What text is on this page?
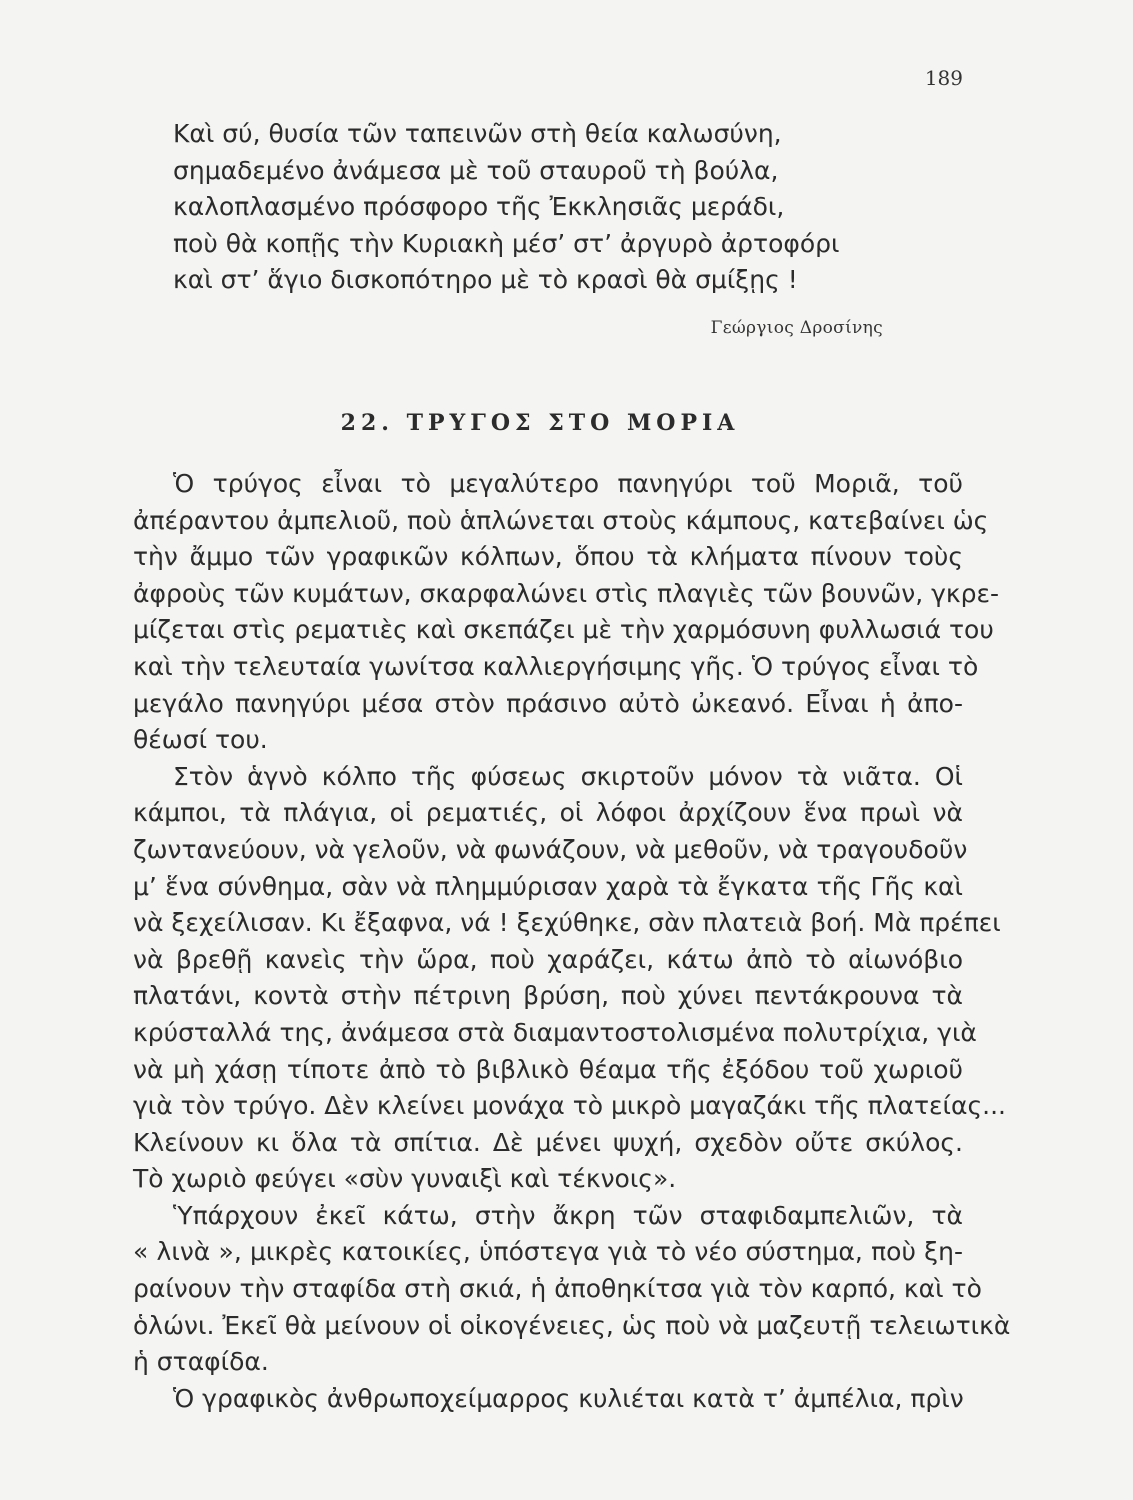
189
Καὶ σύ, θυσία τῶν ταπεινῶν στὴ θεία καλωσύνη,
σημαδεμένο ἀνάμεσα μὲ τοῦ σταυροῦ τὴ βούλα,
καλοπλασμένο πρόσφορο τῆς Ἐκκλησιᾶς μεράδι,
ποὺ θὰ κοπῇς τὴν Κυριακὴ μέσ’ στ’ ἀργυρὸ ἀρτοφόρι
καὶ στ’ ἅγιο δισκοπότηρο μὲ τὸ κρασὶ θὰ σμίξῃς !
Γεώργιος Δροσίνης
22. ΤΡΥΓΟΣ ΣΤΟ ΜΟΡΙΑ
Ὁ τρύγος εἶναι τὸ μεγαλύτερο πανηγύρι τοῦ Μοριᾶ, τοῦ
ἀπέραντου ἀμπελιοῦ, ποὺ ἁπλώνεται στοὺς κάμπους, κατεβαίνει ὡς
τὴν ἄμμο τῶν γραφικῶν κόλπων, ὅπου τὰ κλήματα πίνουν τοὺς
ἀφροὺς τῶν κυμάτων, σκαρφαλώνει στὶς πλαγιὲς τῶν βουνῶν, γκρε-
μίζεται στὶς ρεματιὲς καὶ σκεπάζει μὲ τὴν χαρμόσυνη φυλλωσιά του
καὶ τὴν τελευταία γωνίτσα καλλιεργήσιμης γῆς. Ὁ τρύγος εἶναι τὸ
μεγάλο πανηγύρι μέσα στὸν πράσινο αὐτὸ ὠκεανό. Εἶναι ἡ ἀπο-
θέωσί του.
Στὸν ἁγνὸ κόλπο τῆς φύσεως σκιρτοῦν μόνον τὰ νιᾶτα. Οἱ
κάμποι, τὰ πλάγια, οἱ ρεματιές, οἱ λόφοι ἀρχίζουν ἕνα πρωὶ νὰ
ζωντανεύουν, νὰ γελοῦν, νὰ φωνάζουν, νὰ μεθοῦν, νὰ τραγουδοῦν
μ’ ἕνα σύνθημα, σὰν νὰ πλημμύρισαν χαρὰ τὰ ἔγκατα τῆς Γῆς καὶ
νὰ ξεχείλισαν. Κι ἔξαφνα, νά ! ξεχύθηκε, σὰν πλατειὰ βοή. Μὰ πρέπει
νὰ βρεθῇ κανεὶς τὴν ὥρα, ποὺ χαράζει, κάτω ἀπὸ τὸ αἰωνόβιο
πλατάνι, κοντὰ στὴν πέτρινη βρύση, ποὺ χύνει πεντάκρουνα τὰ
κρύσταλλά της, ἀνάμεσα στὰ διαμαντοστολισμένα πολυτρίχια, γιὰ
νὰ μὴ χάσῃ τίποτε ἀπὸ τὸ βιβλικὸ θέαμα τῆς ἐξόδου τοῦ χωριοῦ
γιὰ τὸν τρύγο. Δὲν κλείνει μονάχα τὸ μικρὸ μαγαζάκι τῆς πλατείας...
Κλείνουν κι ὅλα τὰ σπίτια. Δὲ μένει ψυχή, σχεδὸν οὔτε σκύλος.
Τὸ χωριὸ φεύγει «σὺν γυναιξὶ καὶ τέκνοις».
Ὑπάρχουν ἐκεῖ κάτω, στὴν ἄκρη τῶν σταφιδαμπελιῶν, τὰ
« λινὰ », μικρὲς κατοικίες, ὑπόστεγα γιὰ τὸ νέο σύστημα, ποὺ ξη-
ραίνουν τὴν σταφίδα στὴ σκιά, ἡ ἀποθηκίτσα γιὰ τὸν καρπό, καὶ τὸ
ὁλώνι. Ἐκεῖ θὰ μείνουν οἱ οἰκογένειες, ὡς ποὺ νὰ μαζευτῇ τελειωτικὰ
ἡ σταφίδα.
Ὁ γραφικὸς ἀνθρωποχείμαρρος κυλιέται κατὰ τ’ ἀμπέλια, πρὶν
